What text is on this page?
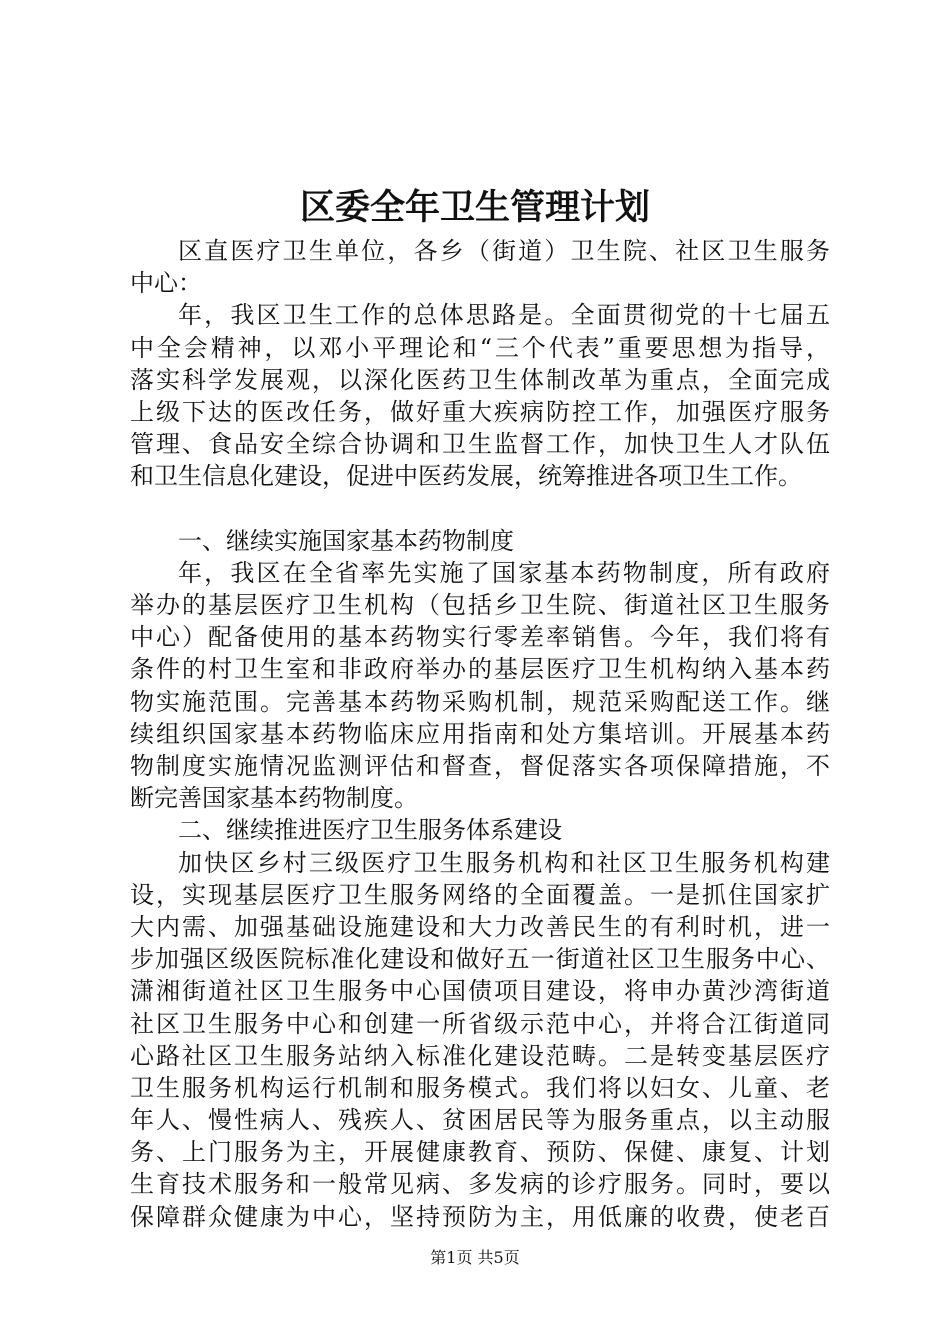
区委全年卫生管理计划
区直医疗卫生单位，各乡（街道）卫生院、社区卫生服务
中心：
年，我区卫生工作的总体思路是。全面贯彻党的十七届五
中全会精神，以邓小平理论和“三个代表”重要思想为指导，
落实科学发展观，以深化医药卫生体制改革为重点，全面完成
上级下达的医改任务，做好重大疾病防控工作，加强医疗服务
管理、食品安全综合协调和卫生监督工作，加快卫生人才队伍
和卫生信息化建设，促进中医药发展，统筹推进各项卫生工作。
一、继续实施国家基本药物制度
年，我区在全省率先实施了国家基本药物制度，所有政府
举办的基层医疗卫生机构（包括乡卫生院、街道社区卫生服务
中心）配备使用的基本药物实行零差率销售。今年，我们将有
条件的村卫生室和非政府举办的基层医疗卫生机构纳入基本药
物实施范围。完善基本药物采购机制，规范采购配送工作。继
续组织国家基本药物临床应用指南和处方集培训。开展基本药
物制度实施情况监测评估和督查，督促落实各项保障措施，不
断完善国家基本药物制度。
二、继续推进医疗卫生服务体系建设
加快区乡村三级医疗卫生服务机构和社区卫生服务机构建
设，实现基层医疗卫生服务网络的全面覆盖。一是抓住国家扩
大内需、加强基础设施建设和大力改善民生的有利时机，进一
步加强区级医院标准化建设和做好五一街道社区卫生服务中心、
潇湘街道社区卫生服务中心国债项目建设，将申办黄沙湾街道
社区卫生服务中心和创建一所省级示范中心，并将合江街道同
心路社区卫生服务站纳入标准化建设范畴。二是转变基层医疗
卫生服务机构运行机制和服务模式。我们将以妇女、儿童、老
年人、慢性病人、残疾人、贫困居民等为服务重点，以主动服
务、上门服务为主，开展健康教育、预防、保健、康复、计划
生育技术服务和一般常见病、多发病的诊疗服务。同时，要以
保障群众健康为中心，坚持预防为主，用低廉的收费，使老百
第1页 共5页
